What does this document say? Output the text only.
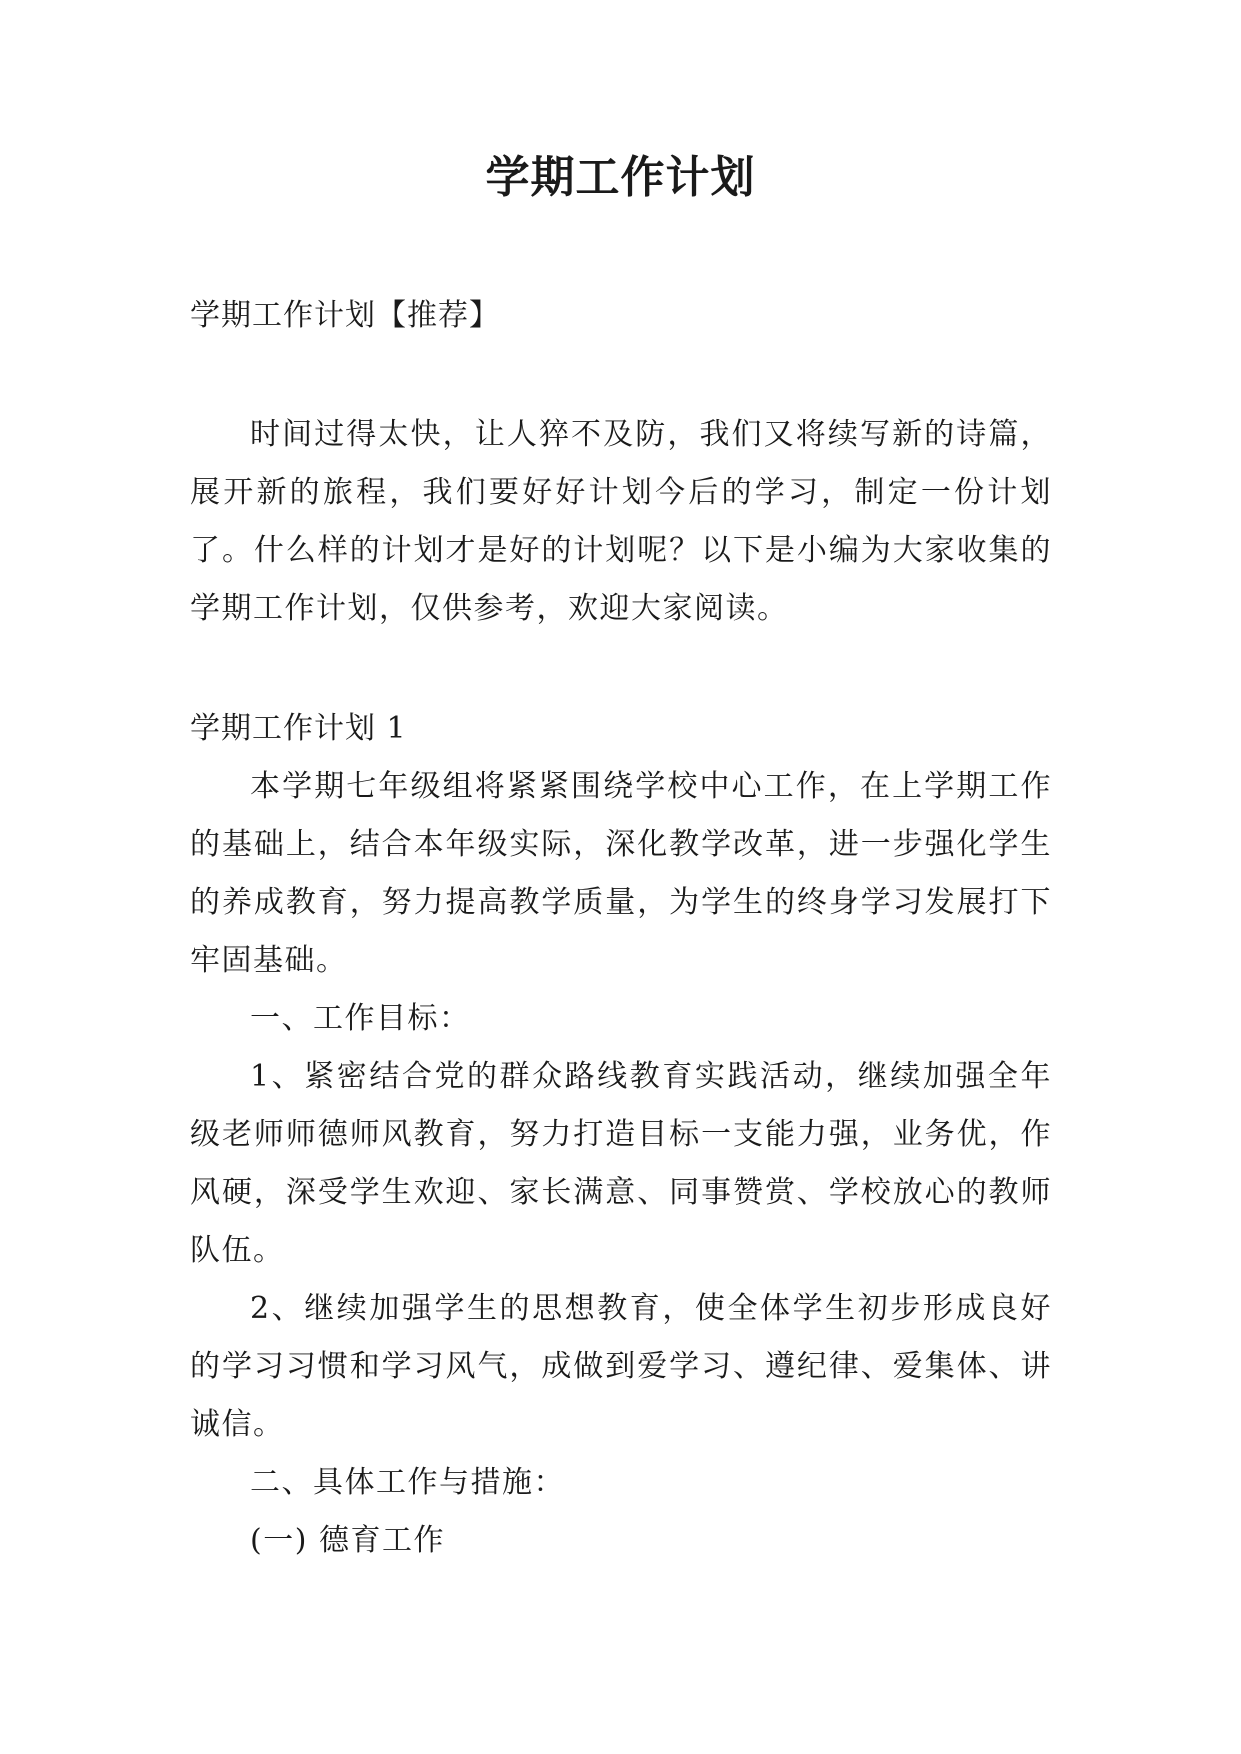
学期工作计划
学期工作计划【推荐】

时间过得太快，让人猝不及防，我们又将续写新的诗篇，展开新的旅程，我们要好好计划今后的学习，制定一份计划了。什么样的计划才是好的计划呢？以下是小编为大家收集的学期工作计划，仅供参考，欢迎大家阅读。

学期工作计划 1

本学期七年级组将紧紧围绕学校中心工作，在上学期工作的基础上，结合本年级实际，深化教学改革，进一步强化学生的养成教育，努力提高教学质量，为学生的终身学习发展打下牢固基础。

一、工作目标：

1、紧密结合党的群众路线教育实践活动，继续加强全年级老师师德师风教育，努力打造目标一支能力强，业务优，作风硬，深受学生欢迎、家长满意、同事赞赏、学校放心的教师队伍。

2、继续加强学生的思想教育，使全体学生初步形成良好的学习习惯和学习风气，成做到爱学习、遵纪律、爱集体、讲诚信。

二、具体工作与措施：

(一) 德育工作
